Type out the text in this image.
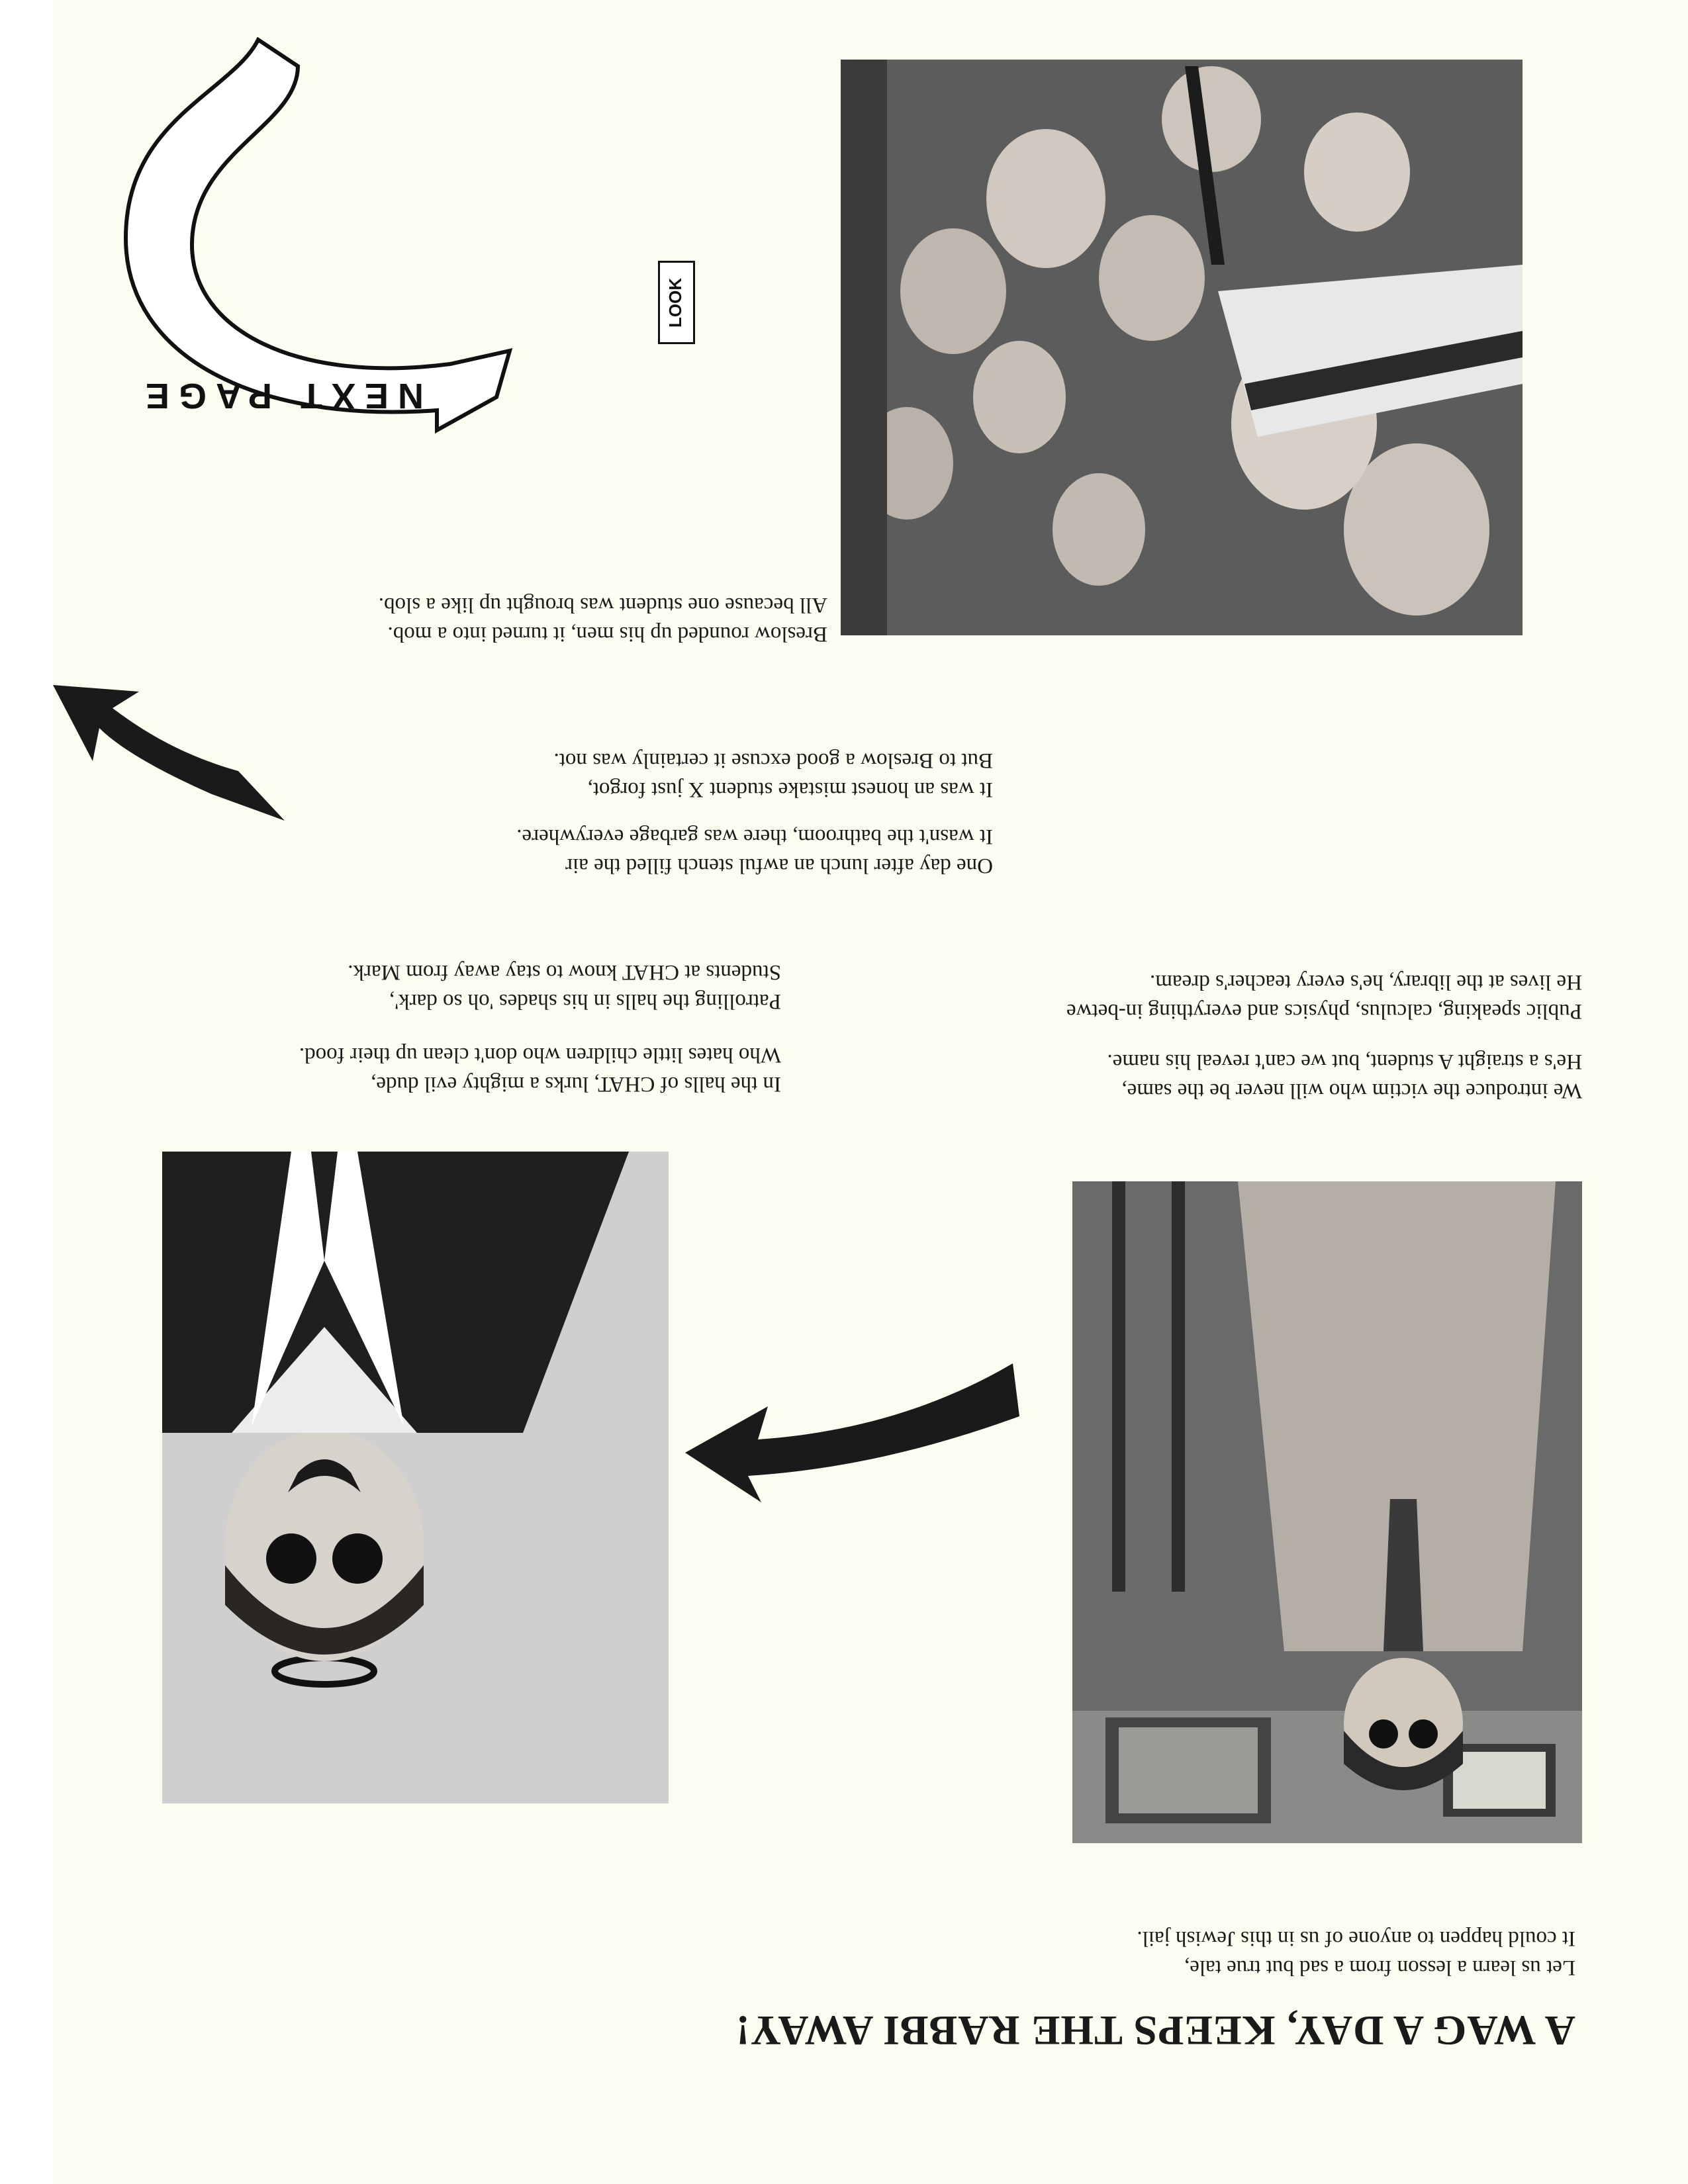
A WAG A DAY, KEEPS THE RABBI AWAY!
Let us learn a lesson from a sad but true tale,
It could happen to anyone of us in this Jewish jail.
In the halls of CHAT, lurks a mighty evil dude,
Who hates little children who don't clean up their food.
Patrolling the halls in his shades 'oh so dark',
Students at CHAT know to stay away from Mark.
We introduce the victim who will never be the same,
He's a straight A student, but we can't reveal his name.
Public speaking, calculus, physics and everything in-betwe
He lives at the library, he's every teacher's dream.
One day after lunch an awful stench filled the air
It wasn't the bathroom, there was garbage everywhere.
It was an honest mistake student X just forgot,
But to Breslow a good excuse it certainly was not.
Breslow rounded up his men, it turned into a mob.
All because one student was brought up like a slob.
LOOK
NEXT PAGE
